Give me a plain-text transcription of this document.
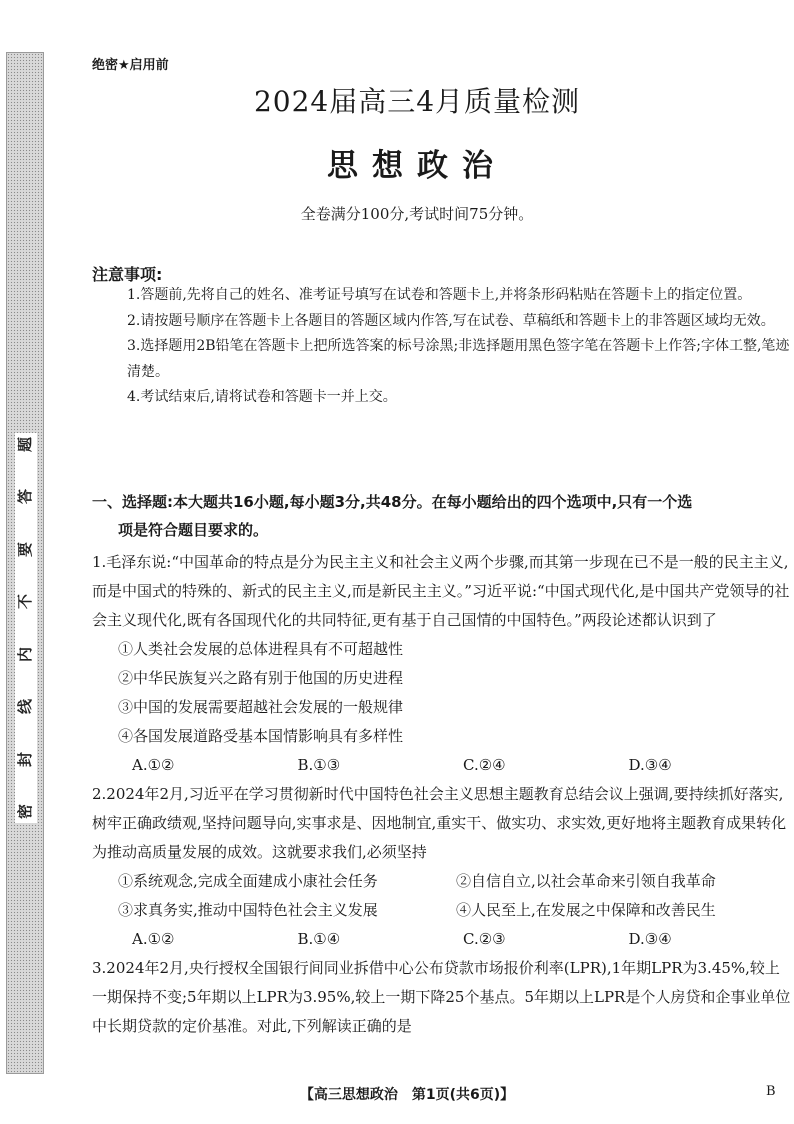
题
答
要
不
内
线
封
密
绝密★启用前
2024届高三4月质量检测
思想政治
全卷满分100分,考试时间75分钟。
注意事项:
1.答题前,先将自己的姓名、准考证号填写在试卷和答题卡上,并将条形码粘贴在答题卡上的指定位置。
2.请按题号顺序在答题卡上各题目的答题区域内作答,写在试卷、草稿纸和答题卡上的非答题区域均无效。
3.选择题用2B铅笔在答题卡上把所选答案的标号涂黑;非选择题用黑色签字笔在答题卡上作答;字体工整,笔迹清楚。
4.考试结束后,请将试卷和答题卡一并上交。
一、选择题:本大题共16小题,每小题3分,共48分。在每小题给出的四个选项中,只有一个选
项是符合题目要求的。
1.毛泽东说:“中国革命的特点是分为民主主义和社会主义两个步骤,而其第一步现在已不是一般的民主主义,而是中国式的特殊的、新式的民主主义,而是新民主主义。”习近平说:“中国式现代化,是中国共产党领导的社会主义现代化,既有各国现代化的共同特征,更有基于自己国情的中国特色。”两段论述都认识到了
①人类社会发展的总体进程具有不可超越性
②中华民族复兴之路有别于他国的历史进程
③中国的发展需要超越社会发展的一般规律
④各国发展道路受基本国情影响具有多样性
A.①②	B.①③	C.②④	D.③④
2.2024年2月,习近平在学习贯彻新时代中国特色社会主义思想主题教育总结会议上强调,要持续抓好落实,树牢正确政绩观,坚持问题导向,实事求是、因地制宜,重实干、做实功、求实效,更好地将主题教育成果转化为推动高质量发展的成效。这就要求我们,必须坚持
①系统观念,完成全面建成小康社会任务	②自信自立,以社会革命来引领自我革命
③求真务实,推动中国特色社会主义发展	④人民至上,在发展之中保障和改善民生
A.①②	B.①④	C.②③	D.③④
3.2024年2月,央行授权全国银行间同业拆借中心公布贷款市场报价利率(LPR),1年期LPR为3.45%,较上一期保持不变;5年期以上LPR为3.95%,较上一期下降25个基点。5年期以上LPR是个人房贷和企事业单位中长期贷款的定价基准。对此,下列解读正确的是
【高三思想政治　第1页(共6页)】	B
